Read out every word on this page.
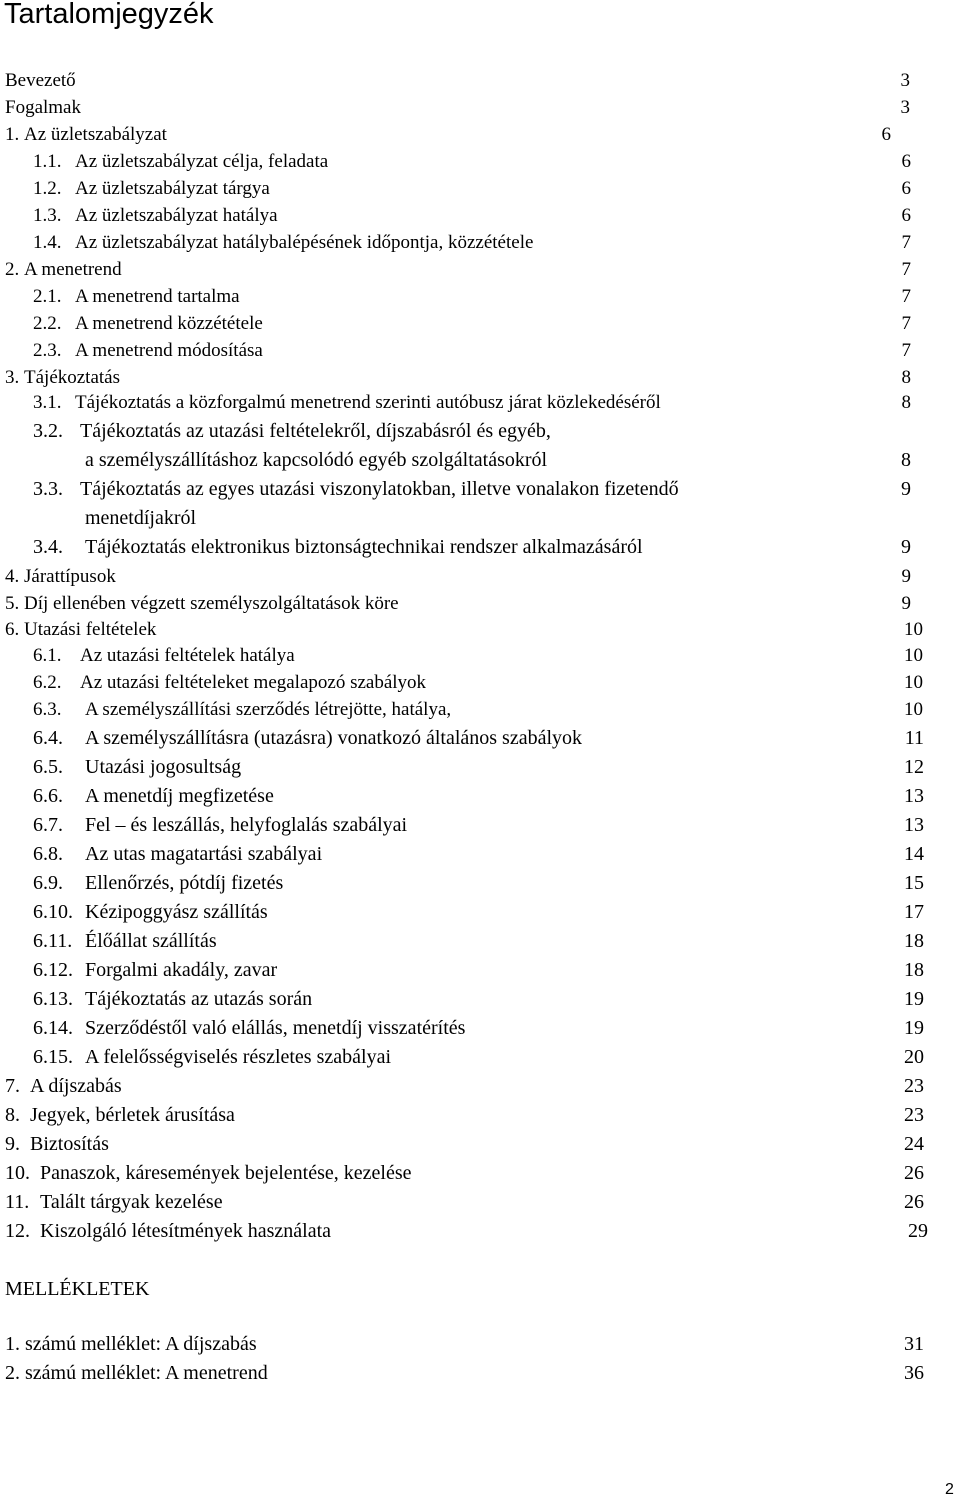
Tartalomjegyzék
Bevezető	3
Fogalmak	3
1. Az üzletszabályzat	6
1.1. Az üzletszabályzat célja, feladata	6
1.2. Az üzletszabályzat tárgya	6
1.3. Az üzletszabályzat hatálya	6
1.4. Az üzletszabályzat hatálybalépésének időpontja, közzététele	7
2. A menetrend	7
2.1. A menetrend tartalma	7
2.2. A menetrend közzététele	7
2.3. A menetrend módosítása	7
3. Tájékoztatás	8
3.1. Tájékoztatás a közforgalmú menetrend szerinti autóbusz járat közlekedéséről	8
3.2. Tájékoztatás az utazási feltételekről, díjszabásról és egyéb,
a személyszállításhoz kapcsolódó egyéb szolgáltatásokról	8
3.3. Tájékoztatás az egyes utazási viszonylatokban, illetve vonalakon fizetendő	9
menetdíjakról
3.4. Tájékoztatás elektronikus biztonságtechnikai rendszer alkalmazásáról	9
4. Járattípusok	9
5. Díj ellenében végzett személyszolgáltatások köre	9
6. Utazási feltételek	10
6.1. Az utazási feltételek hatálya	10
6.2. Az utazási feltételeket megalapozó szabályok	10
6.3. A személyszállítási szerződés létrejötte, hatálya,	10
6.4. A személyszállításra (utazásra) vonatkozó általános szabályok	11
6.5. Utazási jogosultság	12
6.6. A menetdíj megfizetése	13
6.7. Fel – és leszállás, helyfoglalás szabályai	13
6.8. Az utas magatartási szabályai	14
6.9. Ellenőrzés, pótdíj fizetés	15
6.10. Kézipoggyász szállítás	17
6.11. Élőállat szállítás	18
6.12. Forgalmi akadály, zavar	18
6.13. Tájékoztatás az utazás során	19
6.14. Szerződéstől való elállás, menetdíj visszatérítés	19
6.15. A felelősségviselés részletes szabályai	20
7. A díjszabás	23
8. Jegyek, bérletek árusítása	23
9. Biztosítás	24
10. Panaszok, káresemények bejelentése, kezelése	26
11. Talált tárgyak kezelése	26
12. Kiszolgáló létesítmények használata	29
MELLÉKLETEK
1. számú melléklet: A díjszabás	31
2. számú melléklet: A menetrend	36
2
